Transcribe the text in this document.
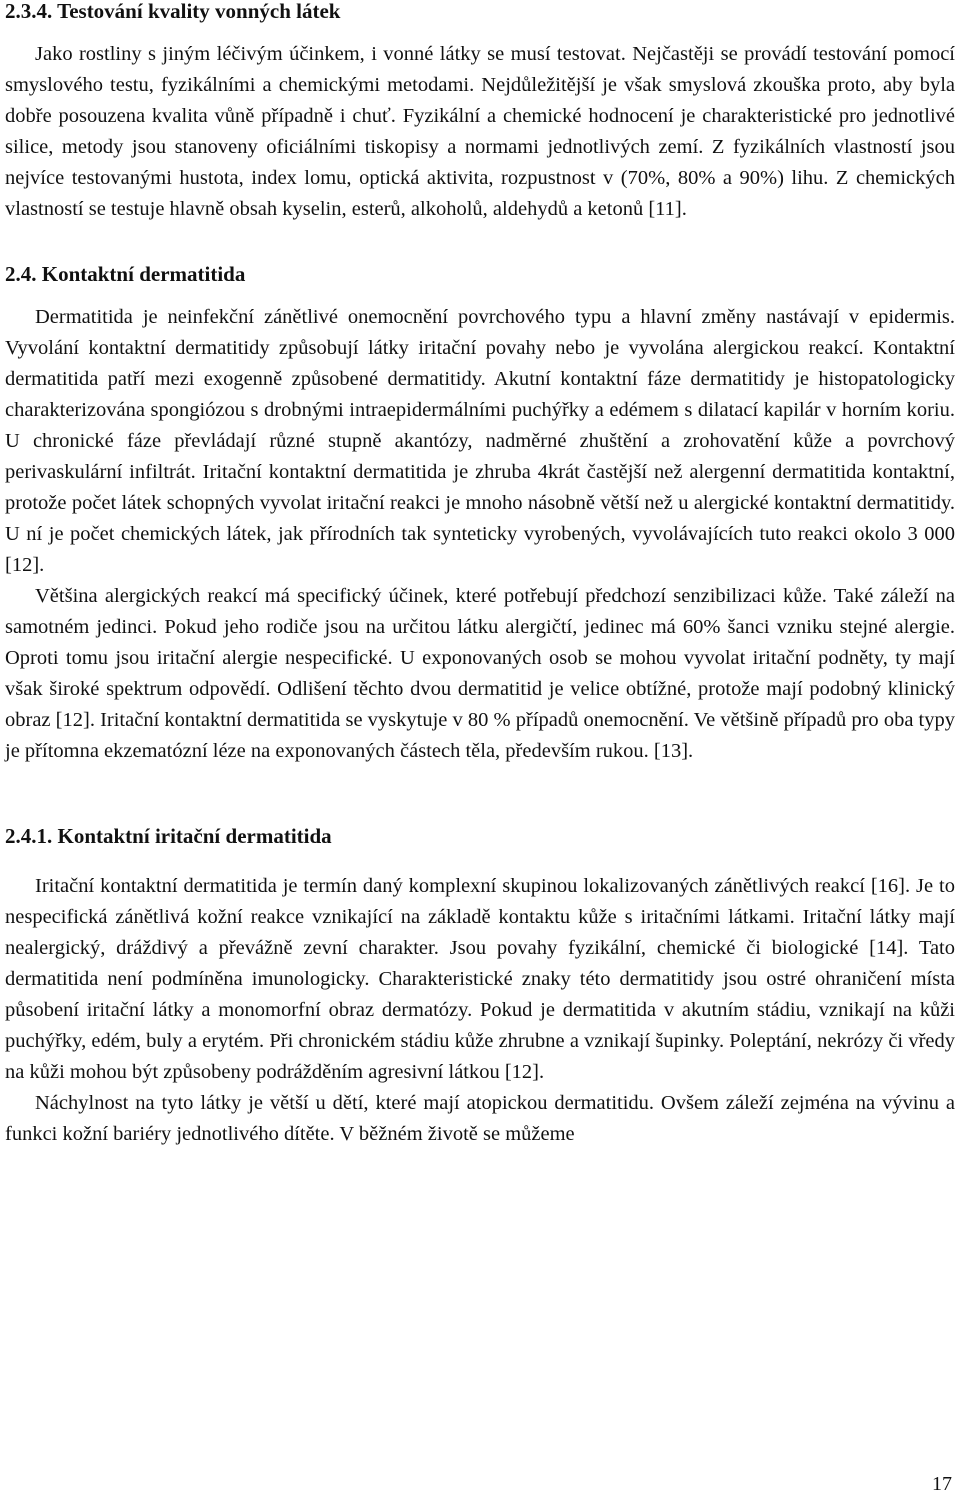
2.3.4. Testování kvality vonných látek

Jako rostliny s jiným léčivým účinkem, i vonné látky se musí testovat. Nejčastěji se provádí testování pomocí smyslového testu, fyzikálními a chemickými metodami. Nejdůležitější je však smyslová zkouška proto, aby byla dobře posouzena kvalita vůně případně i chuť. Fyzikální a chemické hodnocení je charakteristické pro jednotlivé silice, metody jsou stanoveny oficiálními tiskopisy a normami jednotlivých zemí. Z fyzikálních vlastností jsou nejvíce testovanými hustota, index lomu, optická aktivita, rozpustnost v (70%, 80% a 90%) lihu. Z chemických vlastností se testuje hlavně obsah kyselin, esterů, alkoholů, aldehydů a ketonů [11].

2.4. Kontaktní dermatitida

Dermatitida je neinfekční zánětlivé onemocnění povrchového typu a hlavní změny nastávají v epidermis. Vyvolání kontaktní dermatitidy způsobují látky iritační povahy nebo je vyvolána alergickou reakcí. Kontaktní dermatitida patří mezi exogenně způsobené dermatitidy. Akutní kontaktní fáze dermatitidy je histopatologicky charakterizována spongiózou s drobnými intraepidermálními puchýřky a edémem s dilatací kapilár v horním koriu. U chronické fáze převládají různé stupně akantózy, nadměrné zhuštění a zrohovatění kůže a povrchový perivaskulární infiltrát. Iritační kontaktní dermatitida je zhruba 4krát častější než alergenní dermatitida kontaktní, protože počet látek schopných vyvolat iritační reakci je mnoho násobně větší než u alergické kontaktní dermatitidy. U ní je počet chemických látek, jak přírodních tak synteticky vyrobených, vyvolávajících tuto reakci okolo 3 000 [12].

Většina alergických reakcí má specifický účinek, které potřebují předchozí senzibilizaci kůže. Také záleží na samotném jedinci. Pokud jeho rodiče jsou na určitou látku alergičtí, jedinec má 60% šanci vzniku stejné alergie. Oproti tomu jsou iritační alergie nespecifické. U exponovaných osob se mohou vyvolat iritační podněty, ty mají však široké spektrum odpovědí. Odlišení těchto dvou dermatitid je velice obtížné, protože mají podobný klinický obraz [12]. Iritační kontaktní dermatitida se vyskytuje v 80 % případů onemocnění. Ve většině případů pro oba typy je přítomna ekzematózní léze na exponovaných částech těla, především rukou. [13].

2.4.1. Kontaktní iritační dermatitida

Iritační kontaktní dermatitida je termín daný komplexní skupinou lokalizovaných zánětlivých reakcí [16]. Je to nespecifická zánětlivá kožní reakce vznikající na základě kontaktu kůže s iritačními látkami. Iritační látky mají nealergický, dráždivý a převážně zevní charakter. Jsou povahy fyzikální, chemické či biologické [14]. Tato dermatitida není podmíněna imunologicky. Charakteristické znaky této dermatitidy jsou ostré ohraničení místa působení iritační látky a monomorfní obraz dermatózy. Pokud je dermatitida v akutním stádiu, vznikají na kůži puchýřky, edém, buly a erytém. Při chronickém stádiu kůže zhrubne a vznikají šupinky. Poleptání, nekrózy či vředy na kůži mohou být způsobeny podrážděním agresivní látkou [12].

Náchylnost na tyto látky je větší u dětí, které mají atopickou dermatitidu. Ovšem záleží zejména na vývinu a funkci kožní bariéry jednotlivého dítěte. V běžném životě se můžeme

17
